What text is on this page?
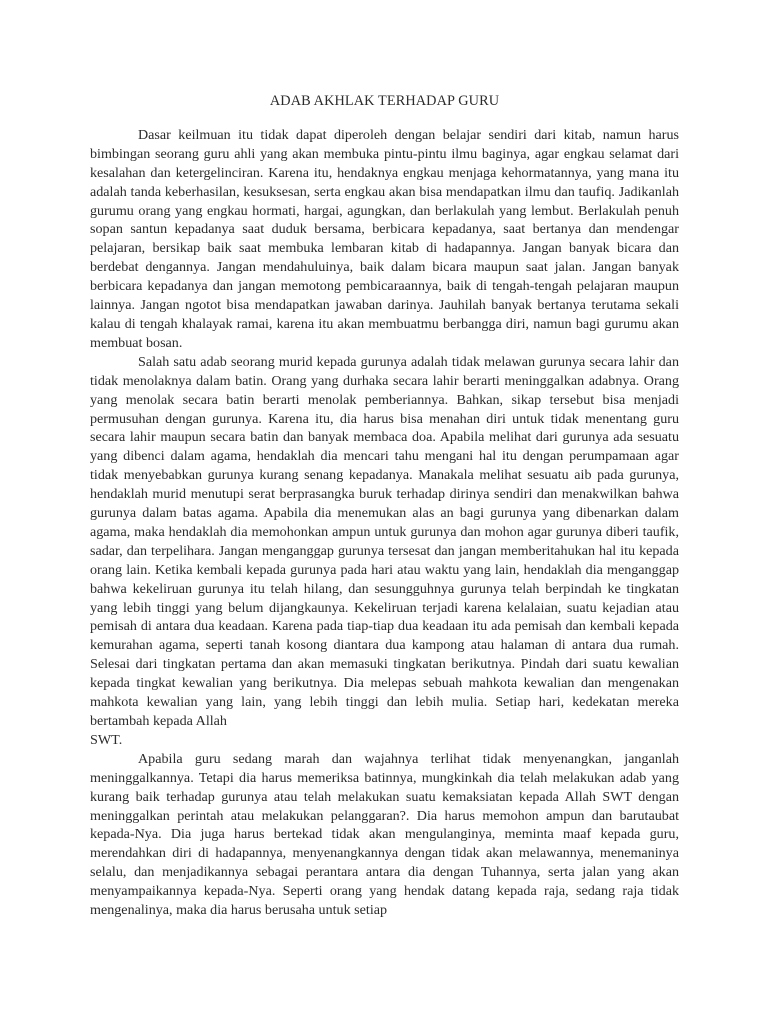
ADAB AKHLAK TERHADAP GURU

Dasar keilmuan itu tidak dapat diperoleh dengan belajar sendiri dari kitab, namun harus bimbingan seorang guru ahli yang akan membuka pintu-pintu ilmu baginya, agar engkau selamat dari kesalahan dan ketergelinciran. Karena itu, hendaknya engkau menjaga kehormatannya, yang mana itu adalah tanda keberhasilan, kesuksesan, serta engkau akan bisa mendapatkan ilmu dan taufiq. Jadikanlah gurumu orang yang engkau hormati, hargai, agungkan, dan berlakulah yang lembut. Berlakulah penuh sopan santun kepadanya saat duduk bersama, berbicara kepadanya, saat bertanya dan mendengar pelajaran, bersikap baik saat membuka lembaran kitab di hadapannya. Jangan banyak bicara dan berdebat dengannya. Jangan mendahuluinya, baik dalam bicara maupun saat jalan. Jangan banyak berbicara kepadanya dan jangan memotong pembicaraannya, baik di tengah-tengah pelajaran maupun lainnya. Jangan ngotot bisa mendapatkan jawaban darinya. Jauhilah banyak bertanya terutama sekali kalau di tengah khalayak ramai, karena itu akan membuatmu berbangga diri, namun bagi gurumu akan membuat bosan.

Salah satu adab seorang murid kepada gurunya adalah tidak melawan gurunya secara lahir dan tidak menolaknya dalam batin. Orang yang durhaka secara lahir berarti meninggalkan adabnya. Orang yang menolak secara batin berarti menolak pemberiannya. Bahkan, sikap tersebut bisa menjadi permusuhan dengan gurunya. Karena itu, dia harus bisa menahan diri untuk tidak menentang guru secara lahir maupun secara batin dan banyak membaca doa. Apabila melihat dari gurunya ada sesuatu yang dibenci dalam agama, hendaklah dia mencari tahu mengani hal itu dengan perumpamaan agar tidak menyebabkan gurunya kurang senang kepadanya. Manakala melihat sesuatu aib pada gurunya, hendaklah murid menutupi serat berprasangka buruk terhadap dirinya sendiri dan menakwilkan bahwa gurunya dalam batas agama. Apabila dia menemukan alas an bagi gurunya yang dibenarkan dalam agama, maka hendaklah dia memohonkan ampun untuk gurunya dan mohon agar gurunya diberi taufik, sadar, dan terpelihara. Jangan menganggap gurunya tersesat dan jangan memberitahukan hal itu kepada orang lain. Ketika kembali kepada gurunya pada hari atau waktu yang lain, hendaklah dia menganggap bahwa kekeliruan gurunya itu telah hilang, dan sesungguhnya gurunya telah berpindah ke tingkatan yang lebih tinggi yang belum dijangkaunya. Kekeliruan terjadi karena kelalaian, suatu kejadian atau pemisah di antara dua keadaan. Karena pada tiap-tiap dua keadaan itu ada pemisah dan kembali kepada kemurahan agama, seperti tanah kosong diantara dua kampong atau halaman di antara dua rumah. Selesai dari tingkatan pertama dan akan memasuki tingkatan berikutnya. Pindah dari suatu kewalian kepada tingkat kewalian yang berikutnya. Dia melepas sebuah mahkota kewalian dan mengenakan mahkota kewalian yang lain, yang lebih tinggi dan lebih mulia. Setiap hari, kedekatan mereka bertambah kepada Allah
SWT.

Apabila guru sedang marah dan wajahnya terlihat tidak menyenangkan, janganlah meninggalkannya. Tetapi dia harus memeriksa batinnya, mungkinkah dia telah melakukan adab yang kurang baik terhadap gurunya atau telah melakukan suatu kemaksiatan kepada Allah SWT dengan meninggalkan perintah atau melakukan pelanggaran?. Dia harus memohon ampun dan barutaubat kepada-Nya. Dia juga harus bertekad tidak akan mengulanginya, meminta maaf kepada guru, merendahkan diri di hadapannya, menyenangkannya dengan tidak akan melawannya, menemaninya selalu, dan menjadikannya sebagai perantara antara dia dengan Tuhannya, serta jalan yang akan menyampaikannya kepada-Nya. Seperti orang yang hendak datang kepada raja, sedang raja tidak mengenalinya, maka dia harus berusaha untuk setiap
